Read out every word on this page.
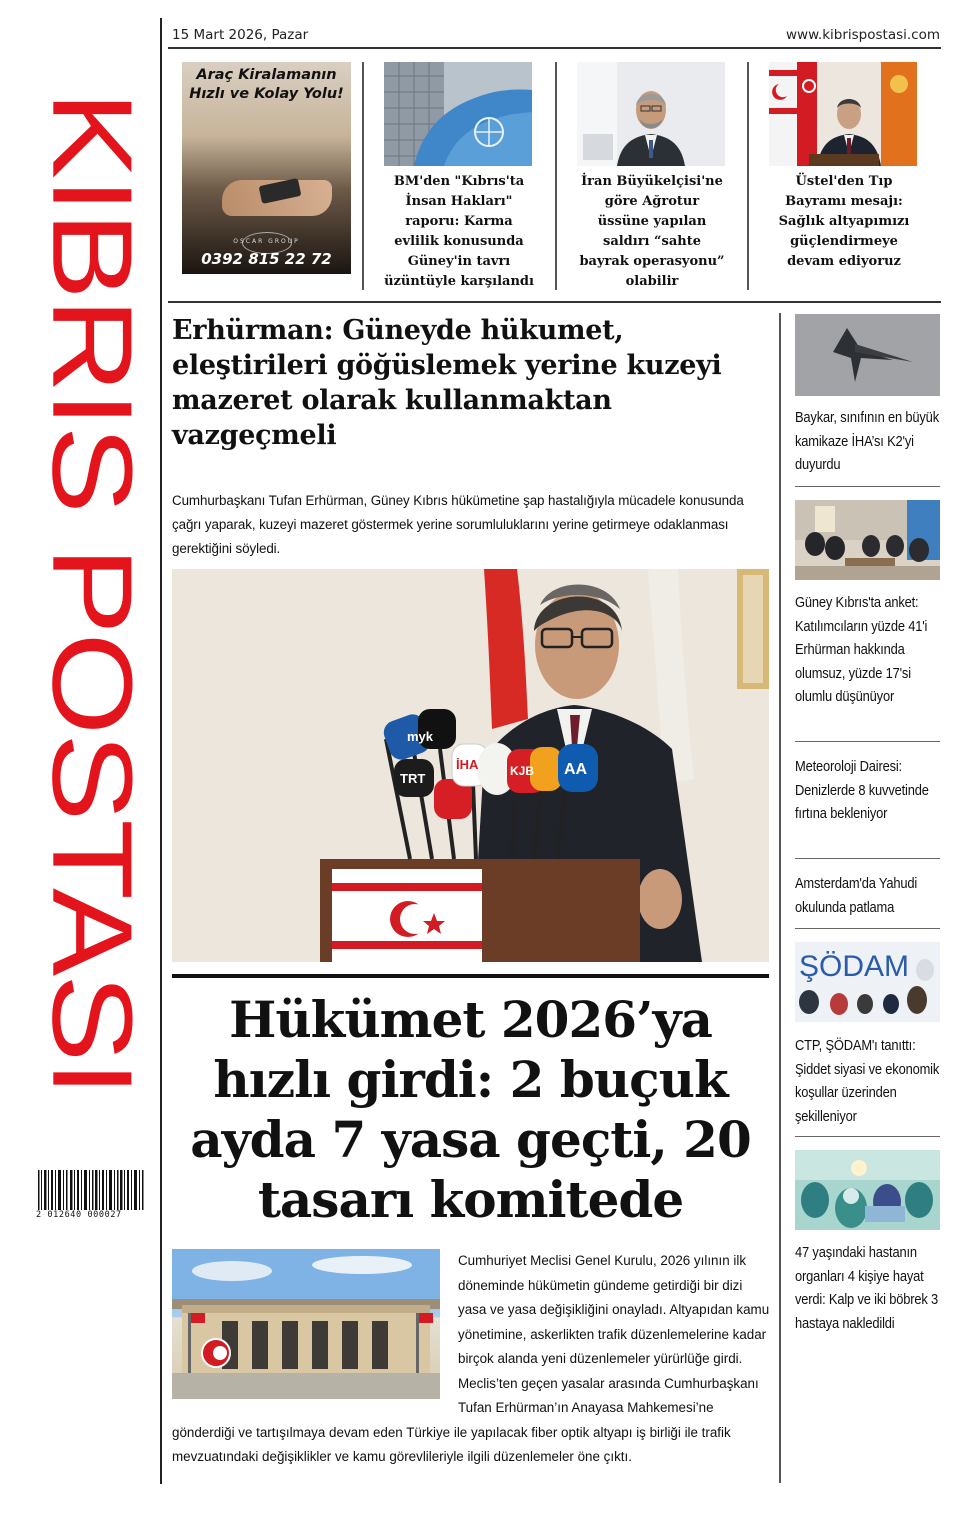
KIBRIS POSTASI
2 012640 000027
15 Mart 2026, Pazar	www.kibrispostasi.com
Araç Kiralamanın Hızlı ve Kolay Yolu!
OSCAR GROUP
0392 815 22 72
BM'den "Kıbrıs'ta İnsan Hakları" raporu: Karma evlilik konusunda Güney'in tavrı üzüntüyle karşılandı
İran Büyükelçisi'ne göre Ağrotur üssüne yapılan saldırı “sahte bayrak operasyonu” olabilir
Üstel'den Tıp Bayramı mesajı: Sağlık altyapımızı güçlendirmeye devam ediyoruz
Erhürman: Güneyde hükumet, eleştirileri göğüslemek yerine kuzeyi mazeret olarak kullanmaktan vazgeçmeli

Cumhurbaşkanı Tufan Erhürman, Güney Kıbrıs hükümetine şap hastalığıyla mücadele konusunda çağrı yaparak, kuzeyi mazeret göstermek yerine sorumluluklarını yerine getirmeye odaklanması gerektiğini söyledi.

myk
TRT
İHA	KJB AA
Hükümet 2026’ya hızlı girdi: 2 buçuk ayda 7 yasa geçti, 20 tasarı komitede
Cumhuriyet Meclisi Genel Kurulu, 2026 yılının ilk döneminde hükümetin gündeme getirdiği bir dizi yasa ve yasa değişikliğini onayladı. Altyapıdan kamu yönetimine, askerlikten trafik düzenlemelerine kadar birçok alanda yeni düzenlemeler yürürlüğe girdi. Meclis’ten geçen yasalar arasında Cumhurbaşkanı Tufan Erhürman’ın Anayasa Mahkemesi’ne gönderdiği ve tartışılmaya devam eden Türkiye ile yapılacak fiber optik altyapı iş birliği ile trafik mevzuatındaki değişiklikler ve kamu görevlileriyle ilgili düzenlemeler öne çıktı.
Baykar, sınıfının en büyük kamikaze İHA’sı K2'yi duyurdu
Güney Kıbrıs'ta anket: Katılımcıların yüzde 41'i Erhürman hakkında olumsuz, yüzde 17'si olumlu düşünüyor
Meteoroloji Dairesi: Denizlerde 8 kuvvetinde fırtına bekleniyor
Amsterdam'da Yahudi okulunda patlama
ŞÖDAM
CTP, ŞÖDAM'ı tanıttı: Şiddet siyasi ve ekonomik koşullar üzerinden şekilleniyor
47 yaşındaki hastanın organları 4 kişiye hayat verdi: Kalp ve iki böbrek 3 hastaya nakledildi
